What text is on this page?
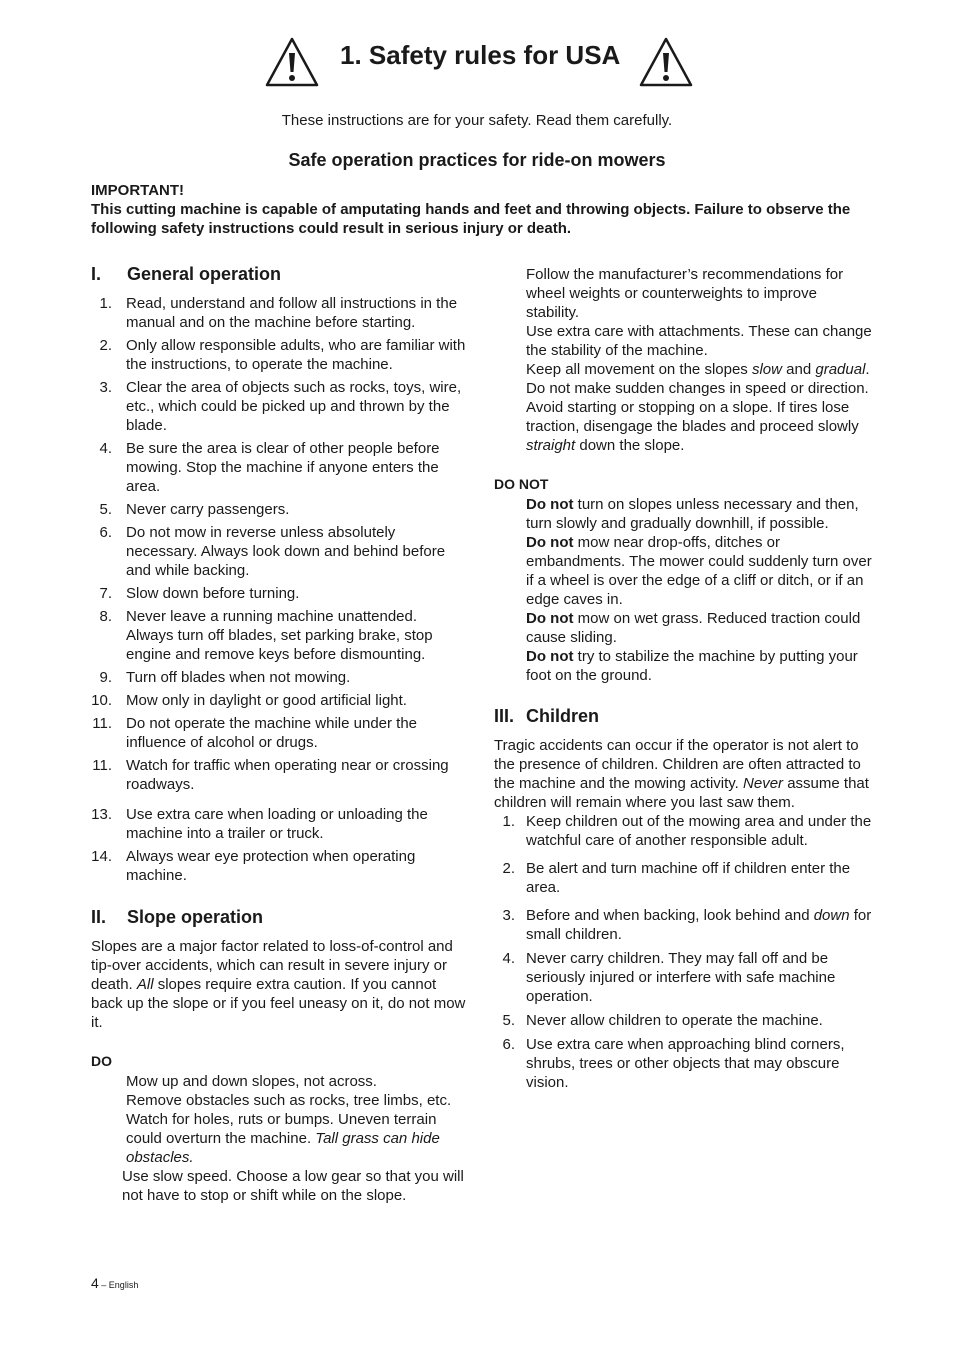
1. Safety rules for USA
These instructions are for your safety. Read them carefully.
Safe operation practices for ride-on mowers
IMPORTANT!
This cutting machine is capable of amputating hands and feet and throwing objects. Failure to observe the following safety instructions could result in serious injury or death.
I. General operation
1. Read, understand and follow all instructions in the manual and on the machine before starting.
2. Only allow responsible adults, who are familiar with the instructions, to operate the machine.
3. Clear the area of objects such as rocks, toys, wire, etc., which could be picked up and thrown by the blade.
4. Be sure the area is clear of other people before mowing. Stop the machine if anyone enters the area.
5. Never carry passengers.
6. Do not mow in reverse unless absolutely necessary. Always look down and behind before and while backing.
7. Slow down before turning.
8. Never leave a running machine unattended. Always turn off blades, set parking brake, stop engine and remove keys before dismounting.
9. Turn off blades when not mowing.
10. Mow only in daylight or good artificial light.
11. Do not operate the machine while under the influence of alcohol or drugs.
11. Watch for traffic when operating near or crossing roadways.
13. Use extra care when loading or unloading the machine into a trailer or truck.
14. Always wear eye protection when operating machine.
II. Slope operation

Slopes are a major factor related to loss-of-control and tip-over accidents, which can result in severe injury or death. All slopes require extra caution. If you cannot back up the slope or if you feel uneasy on it, do not mow it.

DO

Mow up and down slopes, not across.

Remove obstacles such as rocks, tree limbs, etc.

Watch for holes, ruts or bumps. Uneven terrain could overturn the machine. Tall grass can hide obstacles.

Use slow speed. Choose a low gear so that you will not have to stop or shift while on the slope.

Follow the manufacturer’s recommendations for wheel weights or counterweights to improve stability.

Use extra care with attachments. These can change the stability of the machine.

Keep all movement on the slopes slow and gradual. Do not make sudden changes in speed or direction.

Avoid starting or stopping on a slope. If tires lose traction, disengage the blades and proceed slowly straight down the slope.

DO NOT

Do not turn on slopes unless necessary and then, turn slowly and gradually downhill, if possible.

Do not mow near drop-offs, ditches or embandments. The mower could suddenly turn over if a wheel is over the edge of a cliff or ditch, or if an edge caves in.

Do not mow on wet grass. Reduced traction could cause sliding.

Do not try to stabilize the machine by putting your foot on the ground.

III. Children

Tragic accidents can occur if the operator is not alert to the presence of children. Children are often attracted to the machine and the mowing activity. Never assume that children will remain where you last saw them.

1. Keep children out of the mowing area and under the watchful care of another responsible adult.
2. Be alert and turn machine off if children enter the area.
3. Before and when backing, look behind and down for small children.
4. Never carry children. They may fall off and be seriously injured or interfere with safe machine operation.
5. Never allow children to operate the machine.
6. Use extra care when approaching blind corners, shrubs, trees or other objects that may obscure vision.
4 – English
